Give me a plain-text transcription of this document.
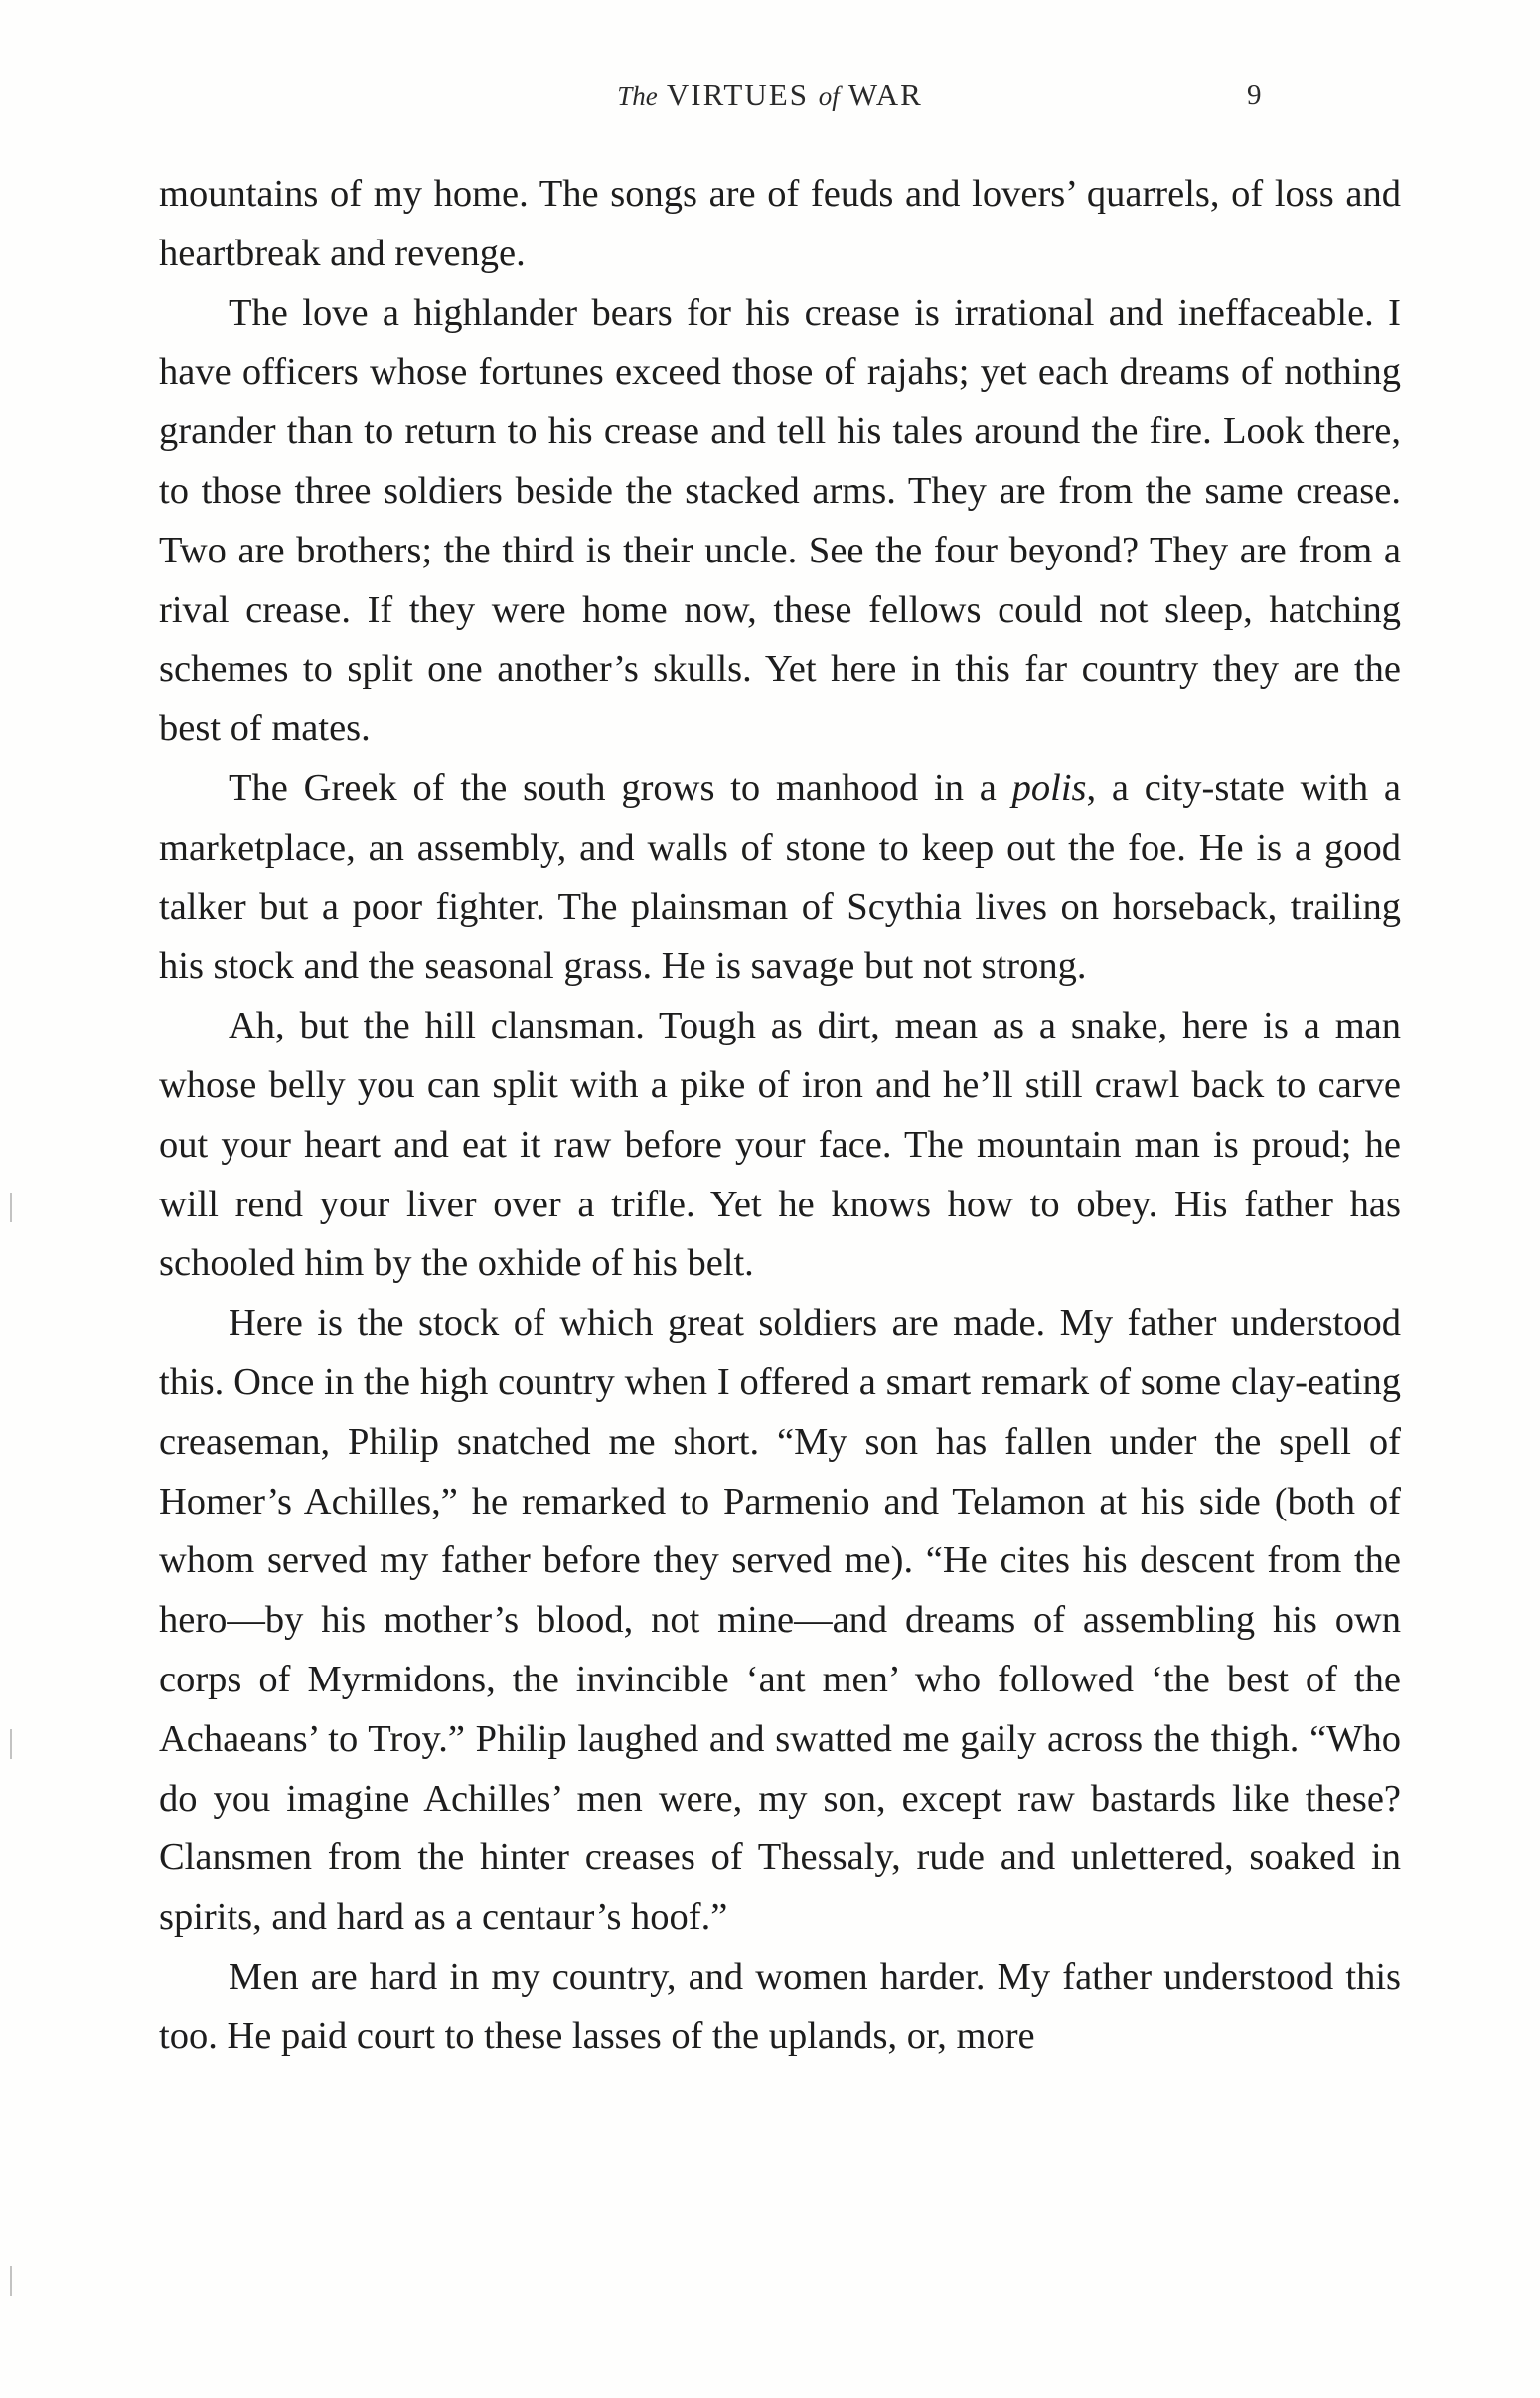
The VIRTUES of WAR	9

mountains of my home. The songs are of feuds and lovers’ quarrels, of loss and heartbreak and revenge.

The love a highlander bears for his crease is irrational and ineffaceable. I have officers whose fortunes exceed those of rajahs; yet each dreams of nothing grander than to return to his crease and tell his tales around the fire. Look there, to those three soldiers beside the stacked arms. They are from the same crease. Two are brothers; the third is their uncle. See the four beyond? They are from a rival crease. If they were home now, these fellows could not sleep, hatching schemes to split one another’s skulls. Yet here in this far country they are the best of mates.

The Greek of the south grows to manhood in a polis, a city-state with a marketplace, an assembly, and walls of stone to keep out the foe. He is a good talker but a poor fighter. The plainsman of Scythia lives on horseback, trailing his stock and the seasonal grass. He is savage but not strong.

Ah, but the hill clansman. Tough as dirt, mean as a snake, here is a man whose belly you can split with a pike of iron and he’ll still crawl back to carve out your heart and eat it raw before your face. The mountain man is proud; he will rend your liver over a trifle. Yet he knows how to obey. His father has schooled him by the oxhide of his belt.

Here is the stock of which great soldiers are made. My father understood this. Once in the high country when I offered a smart remark of some clay-eating creaseman, Philip snatched me short. “My son has fallen under the spell of Homer’s Achilles,” he remarked to Parmenio and Telamon at his side (both of whom served my father before they served me). “He cites his descent from the hero—by his mother’s blood, not mine—and dreams of assembling his own corps of Myrmidons, the invincible ‘ant men’ who followed ‘the best of the Achaeans’ to Troy.” Philip laughed and swatted me gaily across the thigh. “Who do you imagine Achilles’ men were, my son, except raw bastards like these? Clansmen from the hinter creases of Thessaly, rude and unlettered, soaked in spirits, and hard as a centaur’s hoof.”

Men are hard in my country, and women harder. My father understood this too. He paid court to these lasses of the uplands, or, more
